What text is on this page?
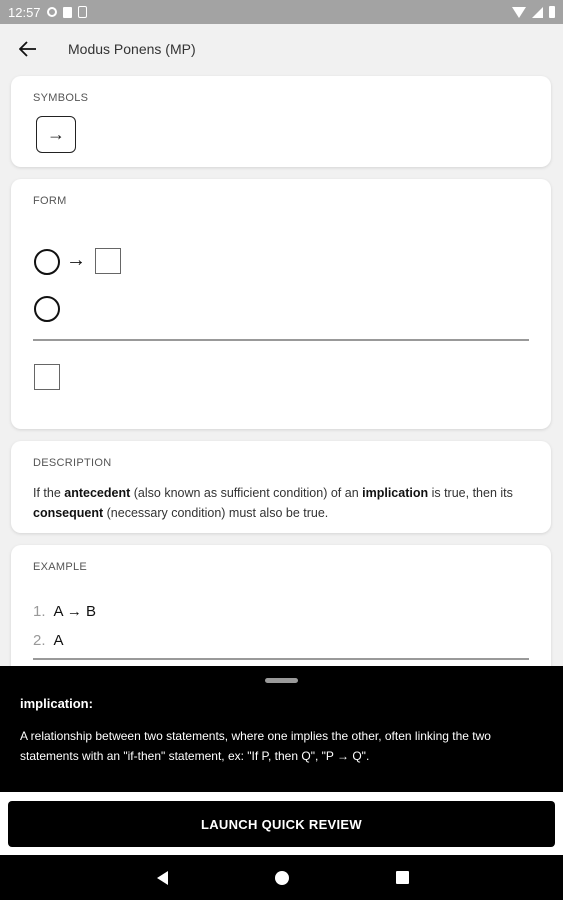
12:57
Modus Ponens (MP)
SYMBOLS
→
FORM
→
DESCRIPTION

If the antecedent (also known as sufficient condition) of an implication is true, then its consequent (necessary condition) must also be true.

EXAMPLE
1. A → B
2. A
implication:
A relationship between two statements, where one implies the other, often linking the two statements with an "if-then" statement, ex: "If P, then Q", "P → Q".
LAUNCH QUICK REVIEW
